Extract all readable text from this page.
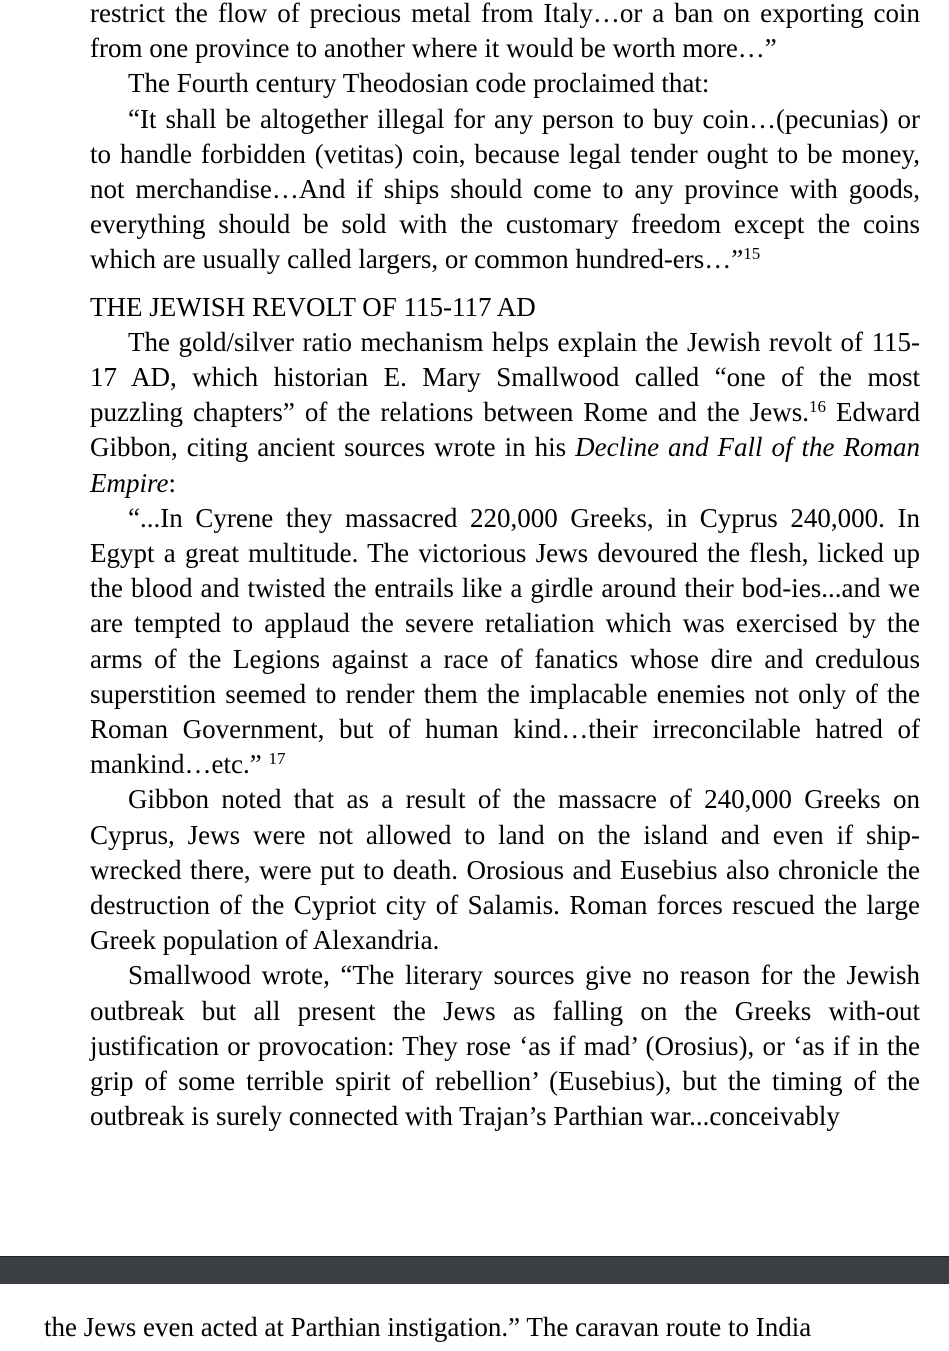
restrict the flow of precious metal from Italy…or a ban on exporting coin from one province to another where it would be worth more…”

The Fourth century Theodosian code proclaimed that:

“It shall be altogether illegal for any person to buy coin…(pecunias) or to handle forbidden (vetitas) coin, because legal tender ought to be money, not merchandise…And if ships should come to any province with goods, everything should be sold with the customary freedom except the coins which are usually called largers, or common hundred-ers…”$^{15}$

THE JEWISH REVOLT OF 115-117 AD

The gold/silver ratio mechanism helps explain the Jewish revolt of 115-17 AD, which historian E. Mary Smallwood called “one of the most puzzling chapters” of the relations between Rome and the Jews.$^{16}$ Edward Gibbon, citing ancient sources wrote in his Decline and Fall of the Roman Empire:

“...In Cyrene they massacred 220,000 Greeks, in Cyprus 240,000. In Egypt a great multitude. The victorious Jews devoured the flesh, licked up the blood and twisted the entrails like a girdle around their bod-ies...and we are tempted to applaud the severe retaliation which was exercised by the arms of the Legions against a race of fanatics whose dire and credulous superstition seemed to render them the implacable enemies not only of the Roman Government, but of human kind…their irreconcilable hatred of mankind…etc.” $^{17}$

Gibbon noted that as a result of the massacre of 240,000 Greeks on Cyprus, Jews were not allowed to land on the island and even if ship-wrecked there, were put to death. Orosious and Eusebius also chronicle the destruction of the Cypriot city of Salamis. Roman forces rescued the large Greek population of Alexandria.

Smallwood wrote, “The literary sources give no reason for the Jewish outbreak but all present the Jews as falling on the Greeks with-out justification or provocation: They rose ‘as if mad’ (Orosius), or ‘as if in the grip of some terrible spirit of rebellion’ (Eusebius), but the timing of the outbreak is surely connected with Trajan’s Parthian war...conceivably

the Jews even acted at Parthian instigation.” The caravan route to India
